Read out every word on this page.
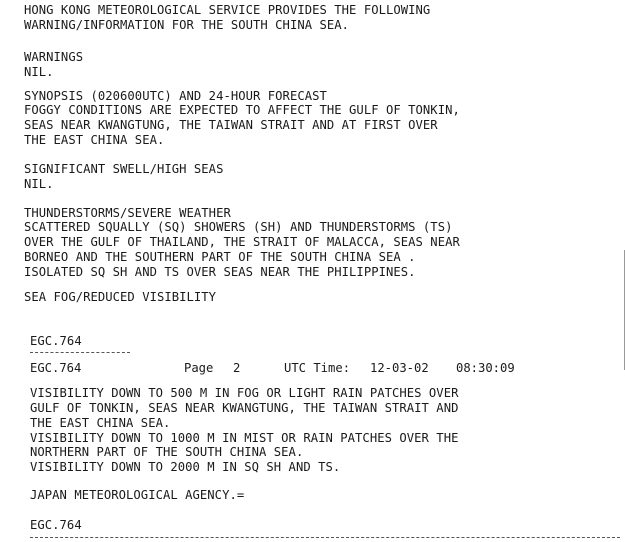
HONG KONG METEOROLOGICAL SERVICE PROVIDES THE FOLLOWING
WARNING/INFORMATION FOR THE SOUTH CHINA SEA.
WARNINGS
NIL.
SYNOPSIS (020600UTC) AND 24-HOUR FORECAST
FOGGY CONDITIONS ARE EXPECTED TO AFFECT THE GULF OF TONKIN,
SEAS NEAR KWANGTUNG, THE TAIWAN STRAIT AND AT FIRST OVER
THE EAST CHINA SEA.
SIGNIFICANT SWELL/HIGH SEAS
NIL.
THUNDERSTORMS/SEVERE WEATHER
SCATTERED SQUALLY (SQ) SHOWERS (SH) AND THUNDERSTORMS (TS)
OVER THE GULF OF THAILAND, THE STRAIT OF MALACCA, SEAS NEAR
BORNEO AND THE SOUTHERN PART OF THE SOUTH CHINA SEA .
ISOLATED SQ SH AND TS OVER SEAS NEAR THE PHILIPPINES.
SEA FOG/REDUCED VISIBILITY
EGC.764
EGC.764	Page 2	UTC Time: 12-03-02 08:30:09
VISIBILITY DOWN TO 500 M IN FOG OR LIGHT RAIN PATCHES OVER
GULF OF TONKIN, SEAS NEAR KWANGTUNG, THE TAIWAN STRAIT AND
THE EAST CHINA SEA.
VISIBILITY DOWN TO 1000 M IN MIST OR RAIN PATCHES OVER THE
NORTHERN PART OF THE SOUTH CHINA SEA.
VISIBILITY DOWN TO 2000 M IN SQ SH AND TS.
JAPAN METEOROLOGICAL AGENCY.=
EGC.764
